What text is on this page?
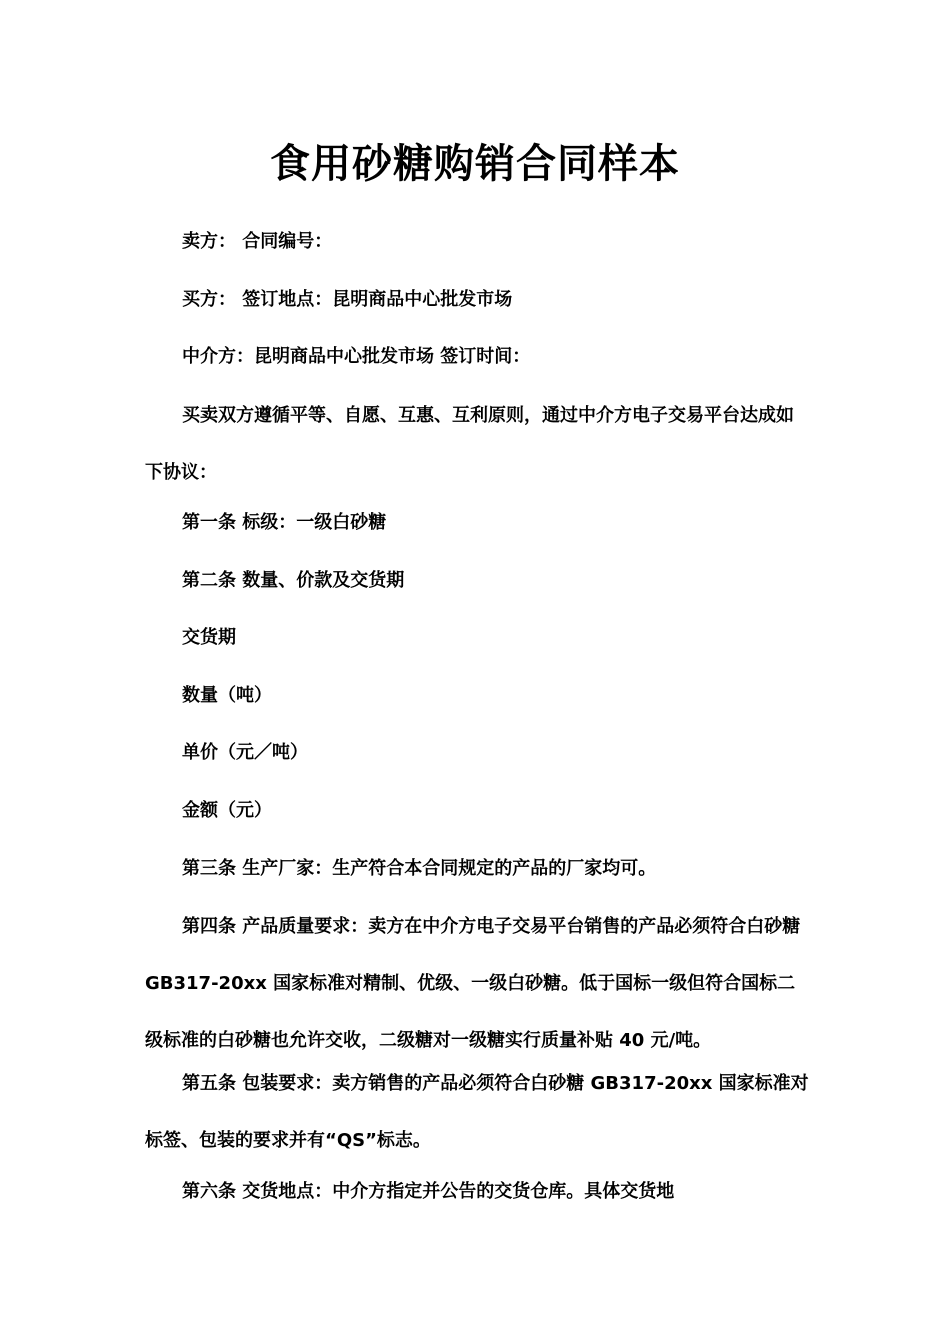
食用砂糖购销合同样本
卖方： 合同编号：
买方： 签订地点：昆明商品中心批发市场
中介方：昆明商品中心批发市场 签订时间：
买卖双方遵循平等、自愿、互惠、互利原则，通过中介方电子交易平台达成如下协议：
第一条 标级：一级白砂糖
第二条 数量、价款及交货期
交货期
数量（吨）
单价（元／吨）
金额（元）
第三条 生产厂家：生产符合本合同规定的产品的厂家均可。
第四条 产品质量要求：卖方在中介方电子交易平台销售的产品必须符合白砂糖 GB317-20xx 国家标准对精制、优级、一级白砂糖。低于国标一级但符合国标二级标准的白砂糖也允许交收，二级糖对一级糖实行质量补贴 40 元/吨。
第五条 包装要求：卖方销售的产品必须符合白砂糖 GB317-20xx 国家标准对标签、包装的要求并有“QS”标志。
第六条 交货地点：中介方指定并公告的交货仓库。具体交货地
